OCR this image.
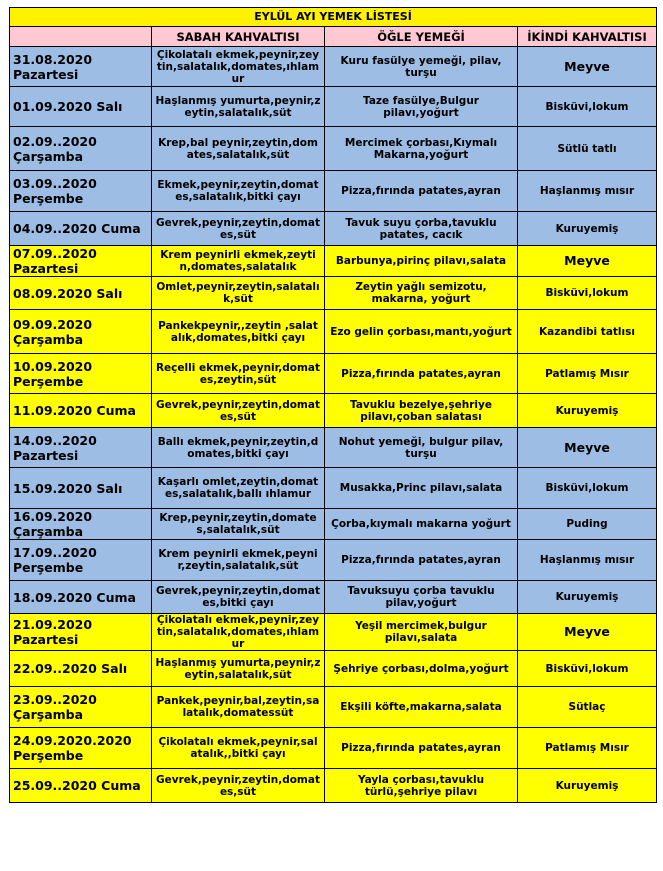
EYLÜL AYI YEMEK LİSTESİ			
	SABAH KAHVALTISI	ÖĞLE YEMEĞİ	İKİNDİ KAHVALTISI
31.08.2020 Pazartesi	Çikolatalı ekmek,peynir,zeytin,salatalık,domates,ıhlamur	Kuru fasülye yemeği, pilav, turşu	Meyve
01.09.2020 Salı	Haşlanmış yumurta,peynir,zeytin,salatalık,süt	Taze fasülye,Bulgur pilavı,yoğurt	Bisküvi,lokum
02.09..2020 Çarşamba	Krep,bal peynir,zeytin,domates,salatalık,süt	Mercimek çorbası,Kıymalı Makarna,yoğurt	Sütlü tatlı
03.09..2020 Perşembe	Ekmek,peynir,zeytin,domates,salatalık,bitki çayı	Pizza,fırında patates,ayran	Haşlanmış mısır
04.09..2020 Cuma	Gevrek,peynir,zeytin,domates,süt	Tavuk suyu çorba,tavuklu patates, cacık	Kuruyemiş
07.09..2020 Pazartesi	Krem peynirli ekmek,zeytin,domates,salatalık	Barbunya,pirinç pilavı,salata	Meyve
08.09.2020 Salı	Omlet,peynir,zeytin,salatalık,süt	Zeytin yağlı semizotu, makarna, yoğurt	Bisküvi,lokum
09.09.2020 Çarşamba	Pankekpeynir,,zeytin ,salatalık,domates,bitki çayı	Ezo gelin çorbası,mantı,yoğurt	Kazandibi tatlısı
10.09.2020 Perşembe	Reçelli ekmek,peynir,domates,zeytin,süt	Pizza,fırında patates,ayran	Patlamış Mısır
11.09.2020 Cuma	Gevrek,peynir,zeytin,domates,süt	Tavuklu bezelye,şehriye pilavı,çoban salatası	Kuruyemiş
14.09..2020 Pazartesi	Ballı ekmek,peynir,zeytin,domates,bitki çayı	Nohut yemeği, bulgur pilav, turşu	Meyve
15.09.2020 Salı	Kaşarlı omlet,zeytin,domates,salatalık,ballı ıhlamur	Musakka,Princ pilavı,salata	Bisküvi,lokum
16.09.2020 Çarşamba	Krep,peynir,zeytin,domates,salatalık,süt	Çorba,kıymalı makarna yoğurt	Puding
17.09..2020 Perşembe	Krem peynirli ekmek,peynir,zeytin,salatalık,süt	Pizza,fırında patates,ayran	Haşlanmış mısır
18.09.2020 Cuma	Gevrek,peynir,zeytin,domates,bitki çayı	Tavuksuyu çorba tavuklu pilav,yoğurt	Kuruyemiş
21.09.2020 Pazartesi	Çikolatalı ekmek,peynir,zeytin,salatalık,domates,ıhlamur	Yeşil mercimek,bulgur pilavı,salata	Meyve
22.09..2020 Salı	Haşlanmış yumurta,peynir,zeytin,salatalık,süt	Şehriye çorbası,dolma,yoğurt	Bisküvi,lokum
23.09..2020 Çarşamba	Pankek,peynir,bal,zeytin,salatalık,domatessüt	Ekşili köfte,makarna,salata	Sütlaç
24.09.2020.2020 Perşembe	Çikolatalı ekmek,peynir,salatalık,,bitki çayı	Pizza,fırında patates,ayran	Patlamış Mısır
25.09..2020 Cuma	Gevrek,peynir,zeytin,domates,süt	Yayla çorbası,tavuklu türlü,şehriye pilavı	Kuruyemiş
